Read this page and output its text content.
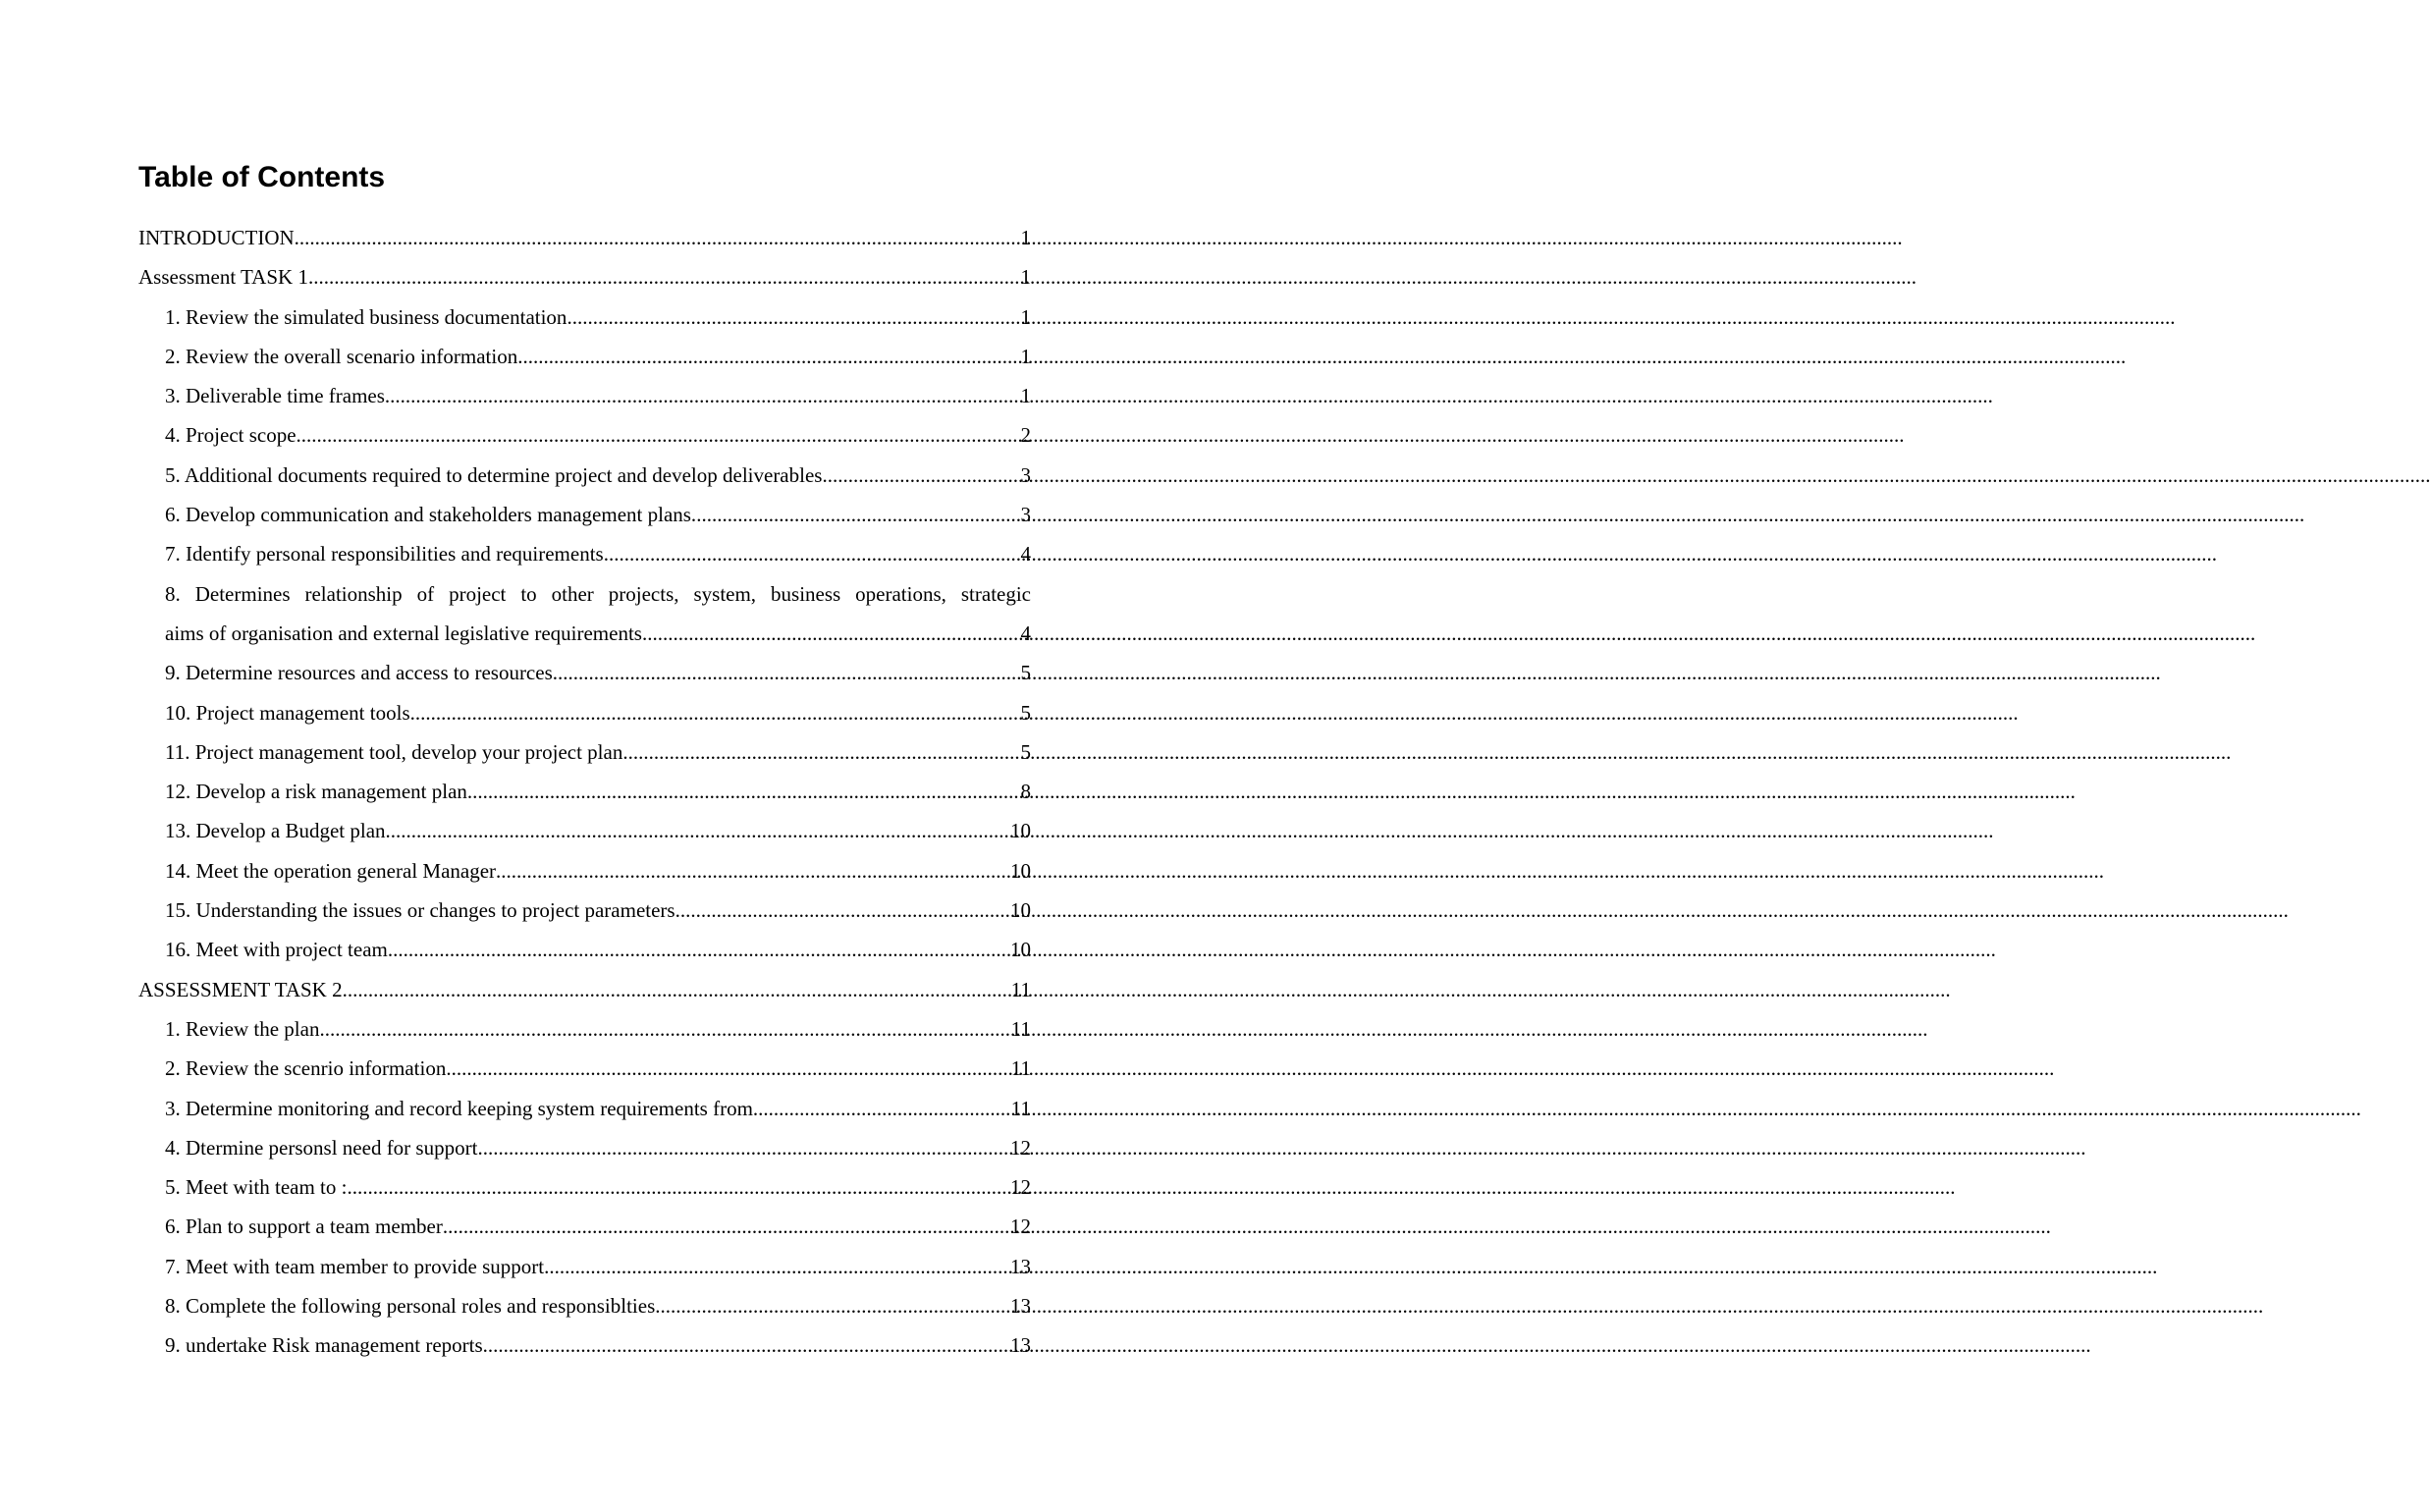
Table of Contents
INTRODUCTION .....	1
Assessment TASK 1 .....	1
1. Review the simulated business documentation .....	1
2. Review the overall scenario information .....	1
3. Deliverable time frames .....	1
4. Project scope .....	2
5. Additional documents required to determine project and develop deliverables .....	3
6. Develop communication and stakeholders management plans. .....	3
7. Identify personal responsibilities and requirements. .....	4
8. Determines relationship of project to other projects, system, business operations, strategic
aims of organisation and external legislative requirements. .....	4
9. Determine resources and access to resources .....	5
10. Project management tools .....	5
11. Project management tool, develop your project plan .....	5
12. Develop a risk management plan .....	8
13. Develop a Budget plan .....	10
14. Meet the operation general Manager .....	10
15. Understanding the issues or changes to project parameters. .....	10
16. Meet with project team .....	10
ASSESSMENT TASK 2 .....	11
1. Review the plan .....	11
2. Review the scenrio information .....	11
3. Determine monitoring and record keeping system requirements from .....	11
4. Dtermine personsl need for support .....	12
5. Meet with team to : .....	12
6. Plan to support a team member .....	12
7. Meet with team member to provide support. .....	13
8. Complete the following personal roles and responsiblties .....	13
9. undertake Risk management reports .....	13
